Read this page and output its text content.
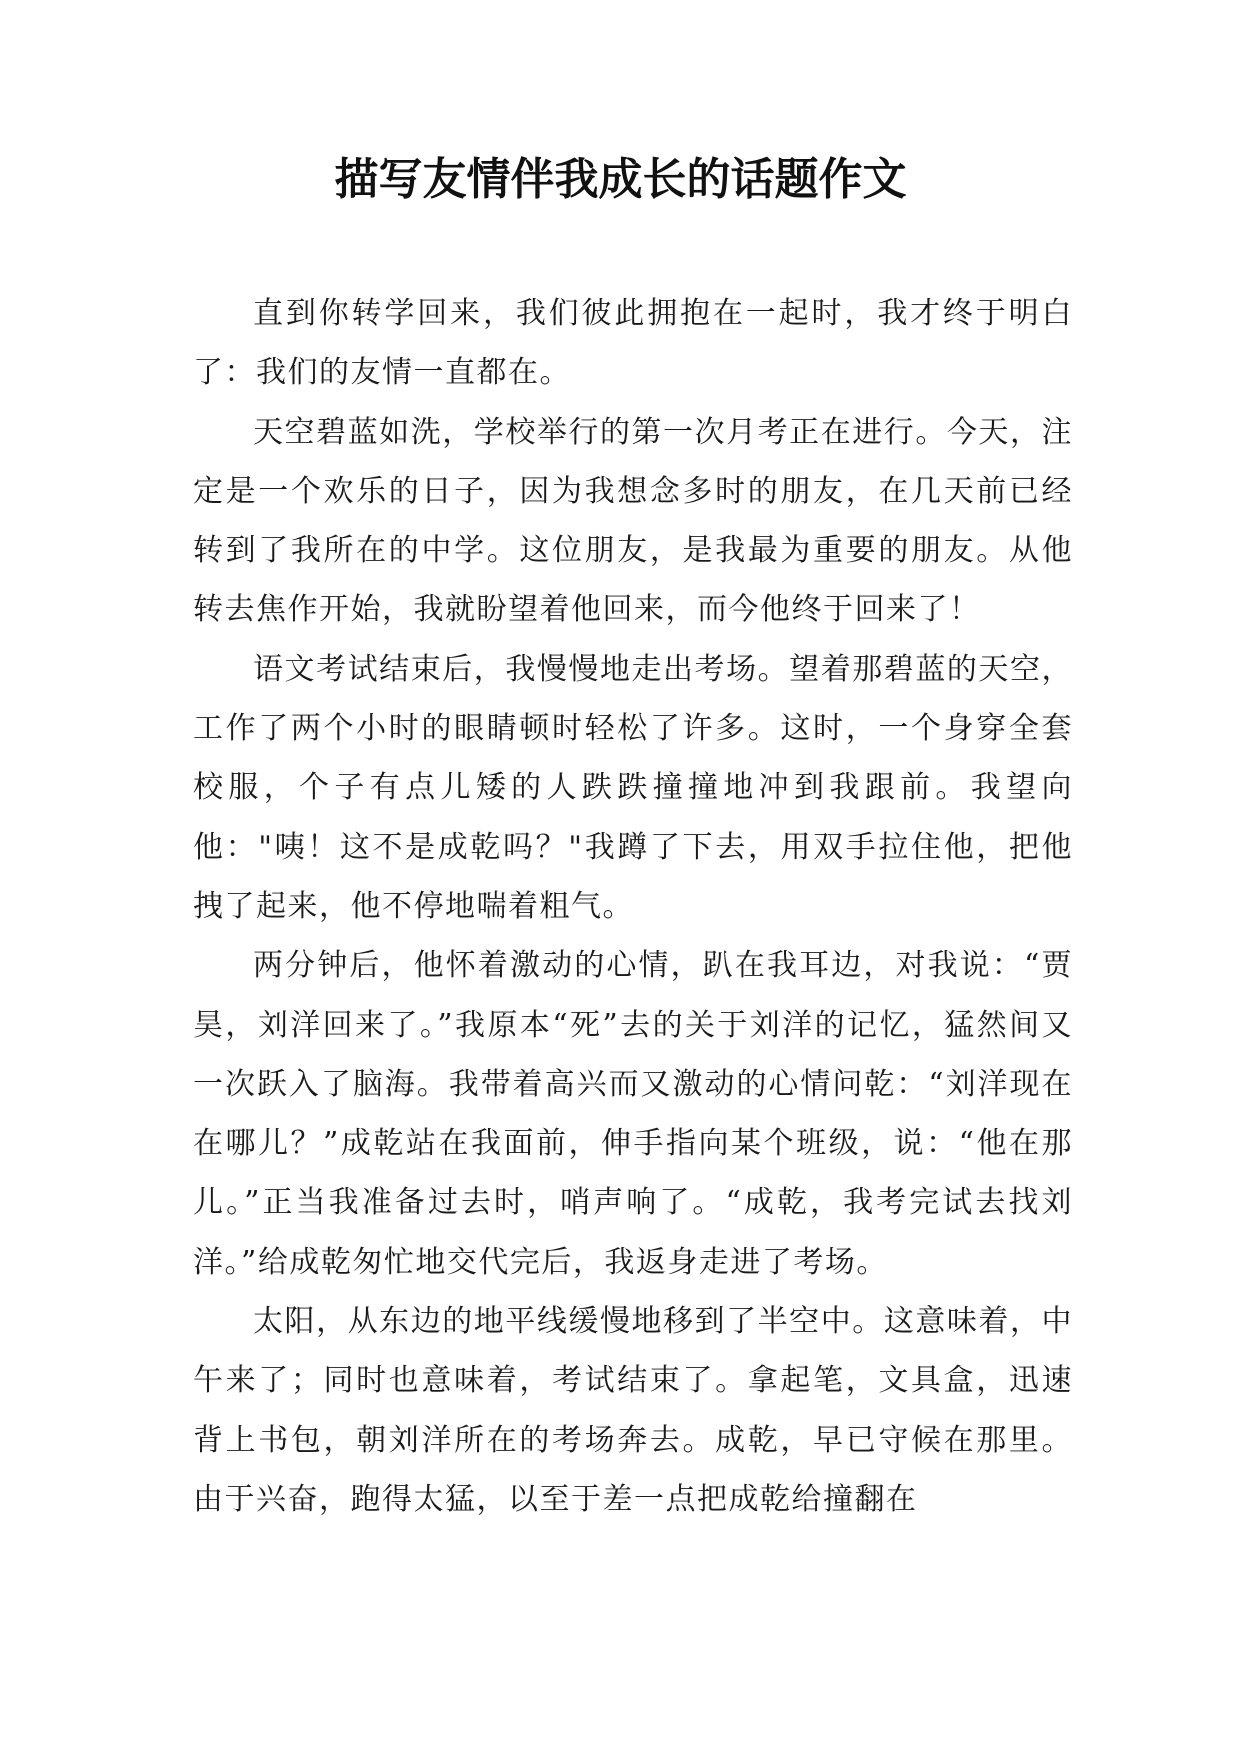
描写友情伴我成长的话题作文

直到你转学回来，我们彼此拥抱在一起时，我才终于明白了：我们的友情一直都在。

天空碧蓝如洗，学校举行的第一次月考正在进行。今天，注定是一个欢乐的日子，因为我想念多时的朋友，在几天前已经转到了我所在的中学。这位朋友，是我最为重要的朋友。从他转去焦作开始，我就盼望着他回来，而今他终于回来了！

语文考试结束后，我慢慢地走出考场。望着那碧蓝的天空，工作了两个小时的眼睛顿时轻松了许多。这时，一个身穿全套校服，个子有点儿矮的人跌跌撞撞地冲到我跟前。我望向他："咦！这不是成乾吗？"我蹲了下去，用双手拉住他，把他拽了起来，他不停地喘着粗气。

两分钟后，他怀着激动的心情，趴在我耳边，对我说：“贾昊，刘洋回来了。”我原本“死”去的关于刘洋的记忆，猛然间又一次跃入了脑海。我带着高兴而又激动的心情问乾：“刘洋现在在哪儿？”成乾站在我面前，伸手指向某个班级，说：“他在那儿。”正当我准备过去时，哨声响了。“成乾，我考完试去找刘洋。”给成乾匆忙地交代完后，我返身走进了考场。

太阳，从东边的地平线缓慢地移到了半空中。这意味着，中午来了；同时也意味着，考试结束了。拿起笔，文具盒，迅速背上书包，朝刘洋所在的考场奔去。成乾，早已守候在那里。由于兴奋，跑得太猛，以至于差一点把成乾给撞翻在
